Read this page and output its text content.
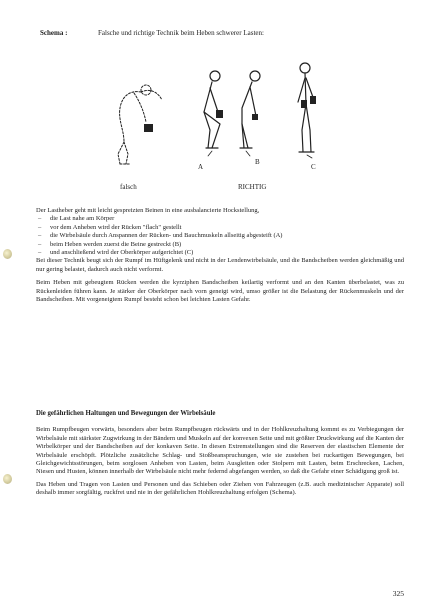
Schema :	Falsche und richtige Technik beim Heben schwerer Lasten:
A
B
C
falsch	RICHTIG

Der Lastheber geht mit leicht gespreizten Beinen in eine ausbalancierte Hockstellung,

– die Last nahe am Körper
– vor dem Anheben wird der Rücken "flach" gestellt
– die Wirbelsäule durch Anspannen der Rücken- und Bauchmuskeln allseitig abgesteift (A)
– beim Heben werden zuerst die Beine gestreckt (B)
– und anschließend wird der Oberkörper aufgerichtet (C)

Bei dieser Technik beugt sich der Rumpf im Hüftgelenk und nicht in der Lendenwirbelsäule, und die Bandscheiben werden gleichmäßig und nur gering belastet, dadurch auch nicht verformt.

Beim Heben mit gebeugtem Rücken werden die kyrziphen Bandscheiben keilartig verformt und an den Kanten überbelastet, was zu Rückenleiden führen kann. Je stärker der Oberkörper nach vorn geneigt wird, umso größer ist die Belastung der Rückenmuskeln und der Bandscheiben. Mit vorgeneigtem Rumpf besteht schon bei leichten Lasten Gefahr.

Die gefährlichen Haltungen und Bewegungen der Wirbelsäule

Beim Rumpfbeugen vorwärts, besonders aber beim Rumpfbeugen rückwärts und in der Hohlkreuzhaltung kommt es zu Verbiegungen der Wirbelsäule mit stärkster Zugwirkung in der Bändern und Muskeln auf der konvexen Seite und mit größter Druckwirkung auf die Kanten der Wirbelkörper und der Bandscheiben auf der konkaven Seite. In diesen Extremstellungen sind die Reserven der elastischen Elemente der Wirbelsäule erschöpft. Plötzliche zusätzliche Schlag- und Stoßbeanspruchungen, wie sie zustehen bei ruckartigen Bewegungen, bei Gleichgewichtsstörungen, beim sorglosen Anheben von Lasten, beim Ausgleiten oder Stolpern mit Lasten, beim Erschrecken, Lachen, Niesen und Husten, können innerhalb der Wirbelsäule nicht mehr federnd abgefangen werden, so daß die Gefahr einer Schädigung groß ist.

Das Heben und Tragen von Lasten und Personen und das Schieben oder Ziehen von Fahrzeugen (z.B. auch medizinischer Apparate) soll deshalb immer sorgfältig, ruckfrei und nie in der gefährlichen Hohlkreuzhaltung erfolgen (Schema).

325
